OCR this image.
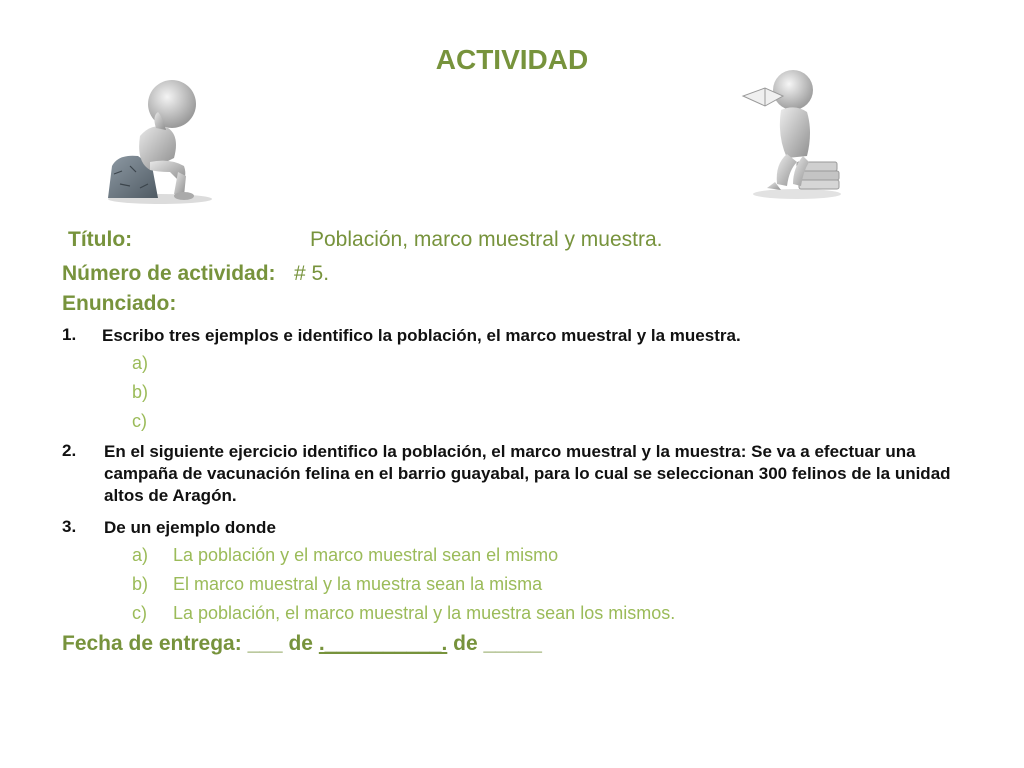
ACTIVIDAD
Título:	Población, marco muestral y muestra.
Número de actividad: # 5.
Enunciado:
1. Escribo tres ejemplos e identifico la población, el marco muestral y la muestra.
a)
b)
c)
2. En el siguiente ejercicio identifico la población, el marco muestral y la muestra: Se va a efectuar una campaña de vacunación felina en el barrio guayabal, para lo cual se seleccionan 300 felinos de la unidad altos de Aragón.
3. De un ejemplo donde
a) La población y el marco muestral sean el mismo
b) El marco muestral y la muestra sean la misma
c) La población, el marco muestral y la muestra sean los mismos.
Fecha de entrega: ___ de .__________. de _____
